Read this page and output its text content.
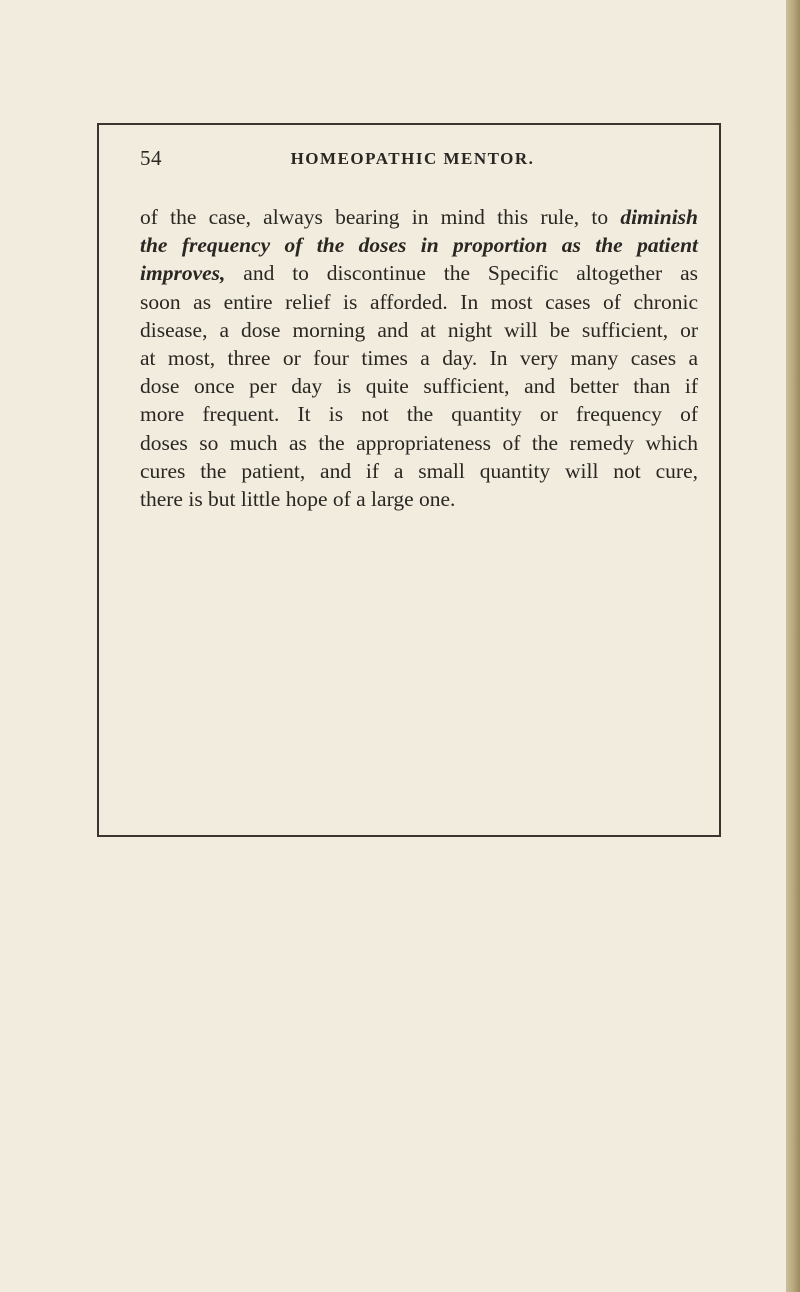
54	HOMEOPATHIC MENTOR.
of the case, always bearing in mind this rule, to diminish
the frequency of the doses in proportion as the patient
improves, and to discontinue the Specific altogether as
soon as entire relief is afforded. In most cases of chronic
disease, a dose morning and at night will be sufficient, or
at most, three or four times a day. In very many cases a
dose once per day is quite sufficient, and better than if
more frequent. It is not the quantity or frequency of
doses so much as the appropriateness of the remedy which
cures the patient, and if a small quantity will not cure,
there is but little hope of a large one.
